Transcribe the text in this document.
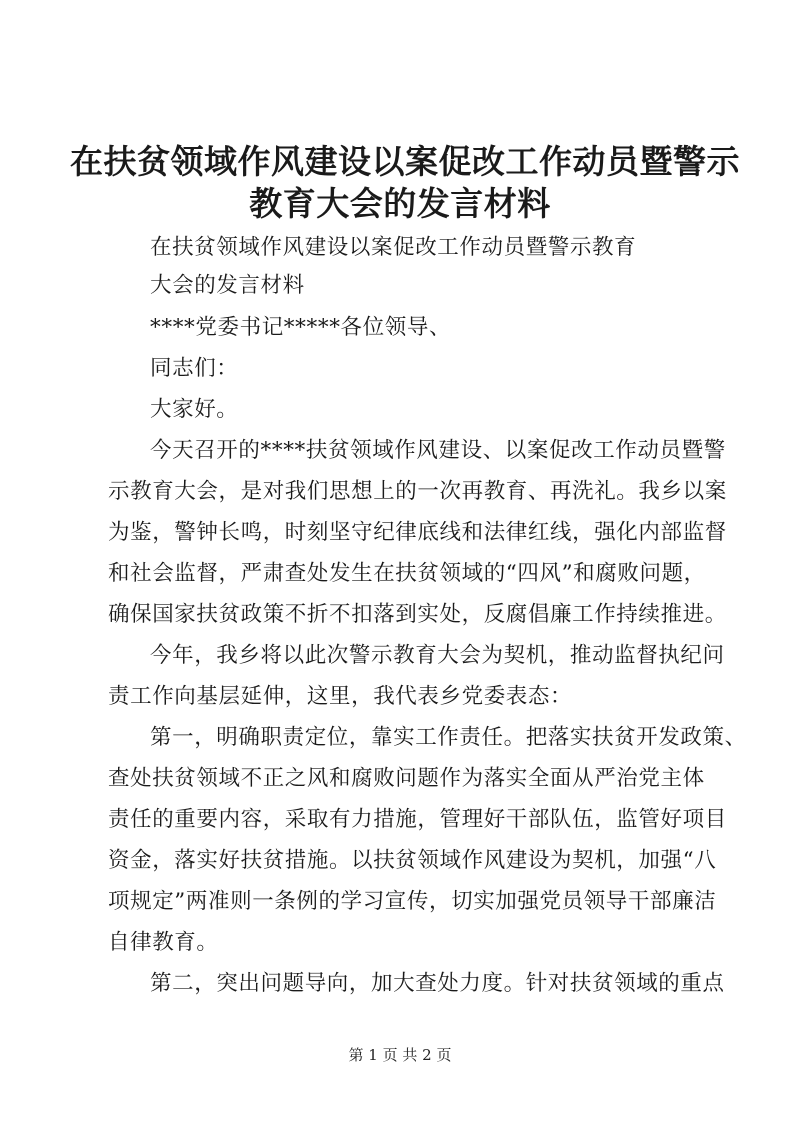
在扶贫领域作风建设以案促改工作动员暨警示
教育大会的发言材料
在扶贫领域作风建设以案促改工作动员暨警示教育
大会的发言材料
****党委书记*****各位领导、
同志们：
大家好。
今天召开的****扶贫领域作风建设、以案促改工作动员暨警
示教育大会，是对我们思想上的一次再教育、再洗礼。我乡以案
为鉴，警钟长鸣，时刻坚守纪律底线和法律红线，强化内部监督
和社会监督，严肃查处发生在扶贫领域的“四风”和腐败问题，
确保国家扶贫政策不折不扣落到实处，反腐倡廉工作持续推进。
今年，我乡将以此次警示教育大会为契机，推动监督执纪问
责工作向基层延伸，这里，我代表乡党委表态：
第一，明确职责定位，靠实工作责任。把落实扶贫开发政策、
查处扶贫领域不正之风和腐败问题作为落实全面从严治党主体
责任的重要内容，采取有力措施，管理好干部队伍，监管好项目
资金，落实好扶贫措施。以扶贫领域作风建设为契机，加强“八
项规定”两准则一条例的学习宣传，切实加强党员领导干部廉洁
自律教育。
第二，突出问题导向，加大查处力度。针对扶贫领域的重点
第 1 页 共 2 页
